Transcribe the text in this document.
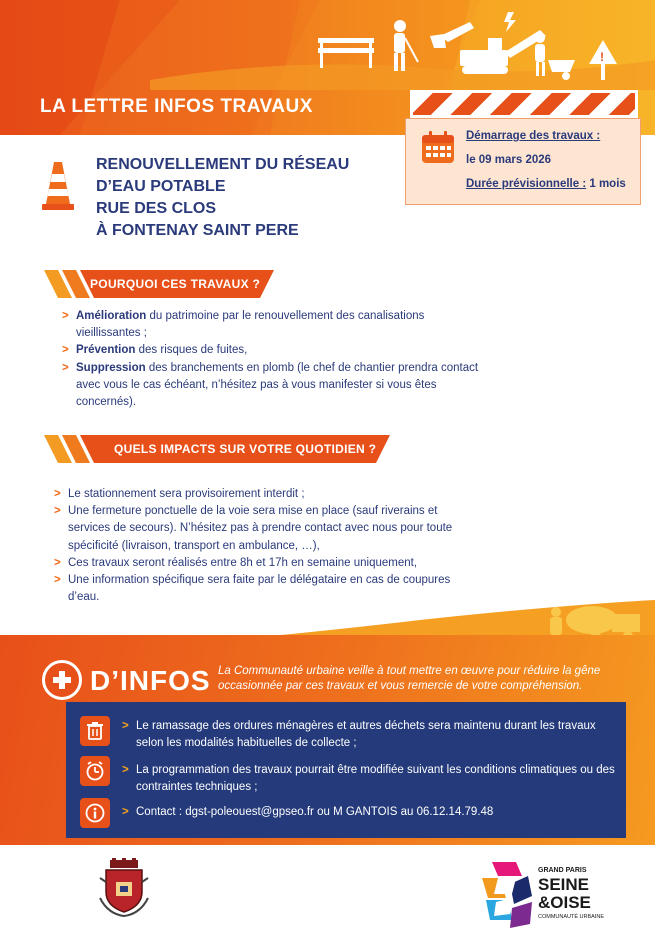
!
LA LETTRE INFOS TRAVAUX
Démarrage des travaux :
le 09 mars 2026
Durée prévisionnelle : 1 mois
RENOUVELLEMENT DU RÉSEAU
D’EAU POTABLE
RUE DES CLOS
À FONTENAY SAINT PERE
POURQUOI CES TRAVAUX ?
> Amélioration du patrimoine par le renouvellement des canalisations vieillissantes ;
> Prévention des risques de fuites,
> Suppression des branchements en plomb (le chef de chantier prendra contact avec vous le cas échéant, n’hésitez pas à vous manifester si vous êtes concernés).
QUELS IMPACTS SUR VOTRE QUOTIDIEN ?
> Le stationnement sera provisoirement interdit ;
> Une fermeture ponctuelle de la voie sera mise en place (sauf riverains et services de secours). N’hésitez pas à prendre contact avec nous pour toute spécificité (livraison, transport en ambulance, …),
> Ces travaux seront réalisés entre 8h et 17h en semaine uniquement,
> Une information spécifique sera faite par le délégataire en cas de coupures d’eau.
D’INFOS La Communauté urbaine veille à tout mettre en œuvre pour réduire la gêne occasionnée par ces travaux et vous remercie de votre compréhension.
> Le ramassage des ordures ménagères et autres déchets sera maintenu durant les travaux selon les modalités habituelles de collecte ;
> La programmation des travaux pourrait être modifiée suivant les conditions climatiques ou des contraintes techniques ;
> Contact : dgst-poleouest@gpseo.fr ou M GANTOIS au 06.12.14.79.48
GRAND PARIS
SEINE
&OISE
COMMUNAUTÉ URBAINE
